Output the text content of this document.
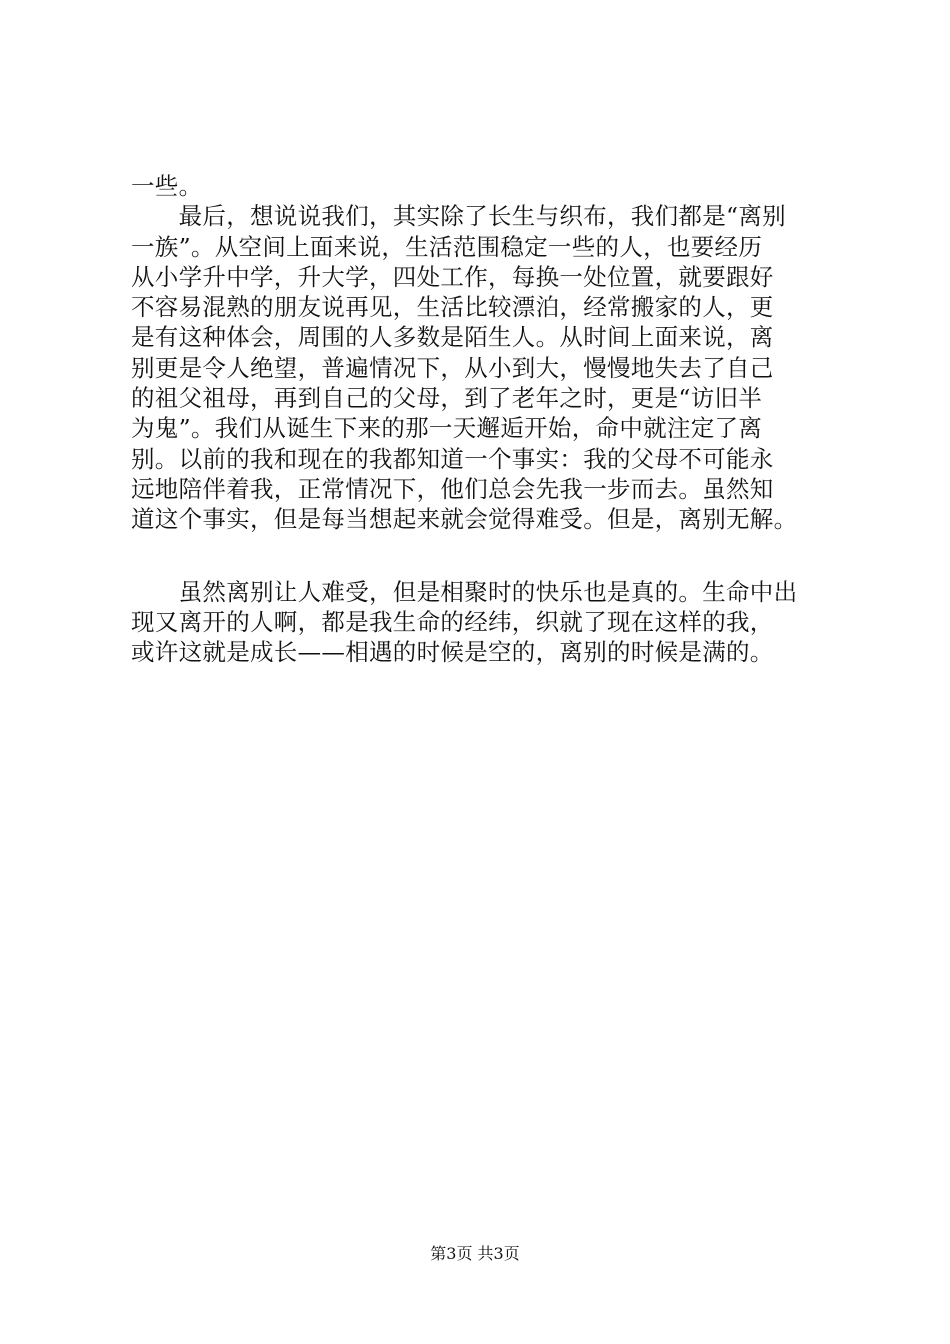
一些。
　　最后，想说说我们，其实除了长生与织布，我们都是“离别
一族”。从空间上面来说，生活范围稳定一些的人，也要经历
从小学升中学，升大学，四处工作，每换一处位置，就要跟好
不容易混熟的朋友说再见，生活比较漂泊，经常搬家的人，更
是有这种体会，周围的人多数是陌生人。从时间上面来说，离
别更是令人绝望，普遍情况下，从小到大，慢慢地失去了自己
的祖父祖母，再到自己的父母，到了老年之时，更是“访旧半
为鬼”。我们从诞生下来的那一天邂逅开始，命中就注定了离
别。以前的我和现在的我都知道一个事实：我的父母不可能永
远地陪伴着我，正常情况下，他们总会先我一步而去。虽然知
道这个事实，但是每当想起来就会觉得难受。但是，离别无解。
　　虽然离别让人难受，但是相聚时的快乐也是真的。生命中出
现又离开的人啊，都是我生命的经纬，织就了现在这样的我，
或许这就是成长——相遇的时候是空的，离别的时候是满的。
第3页 共3页
